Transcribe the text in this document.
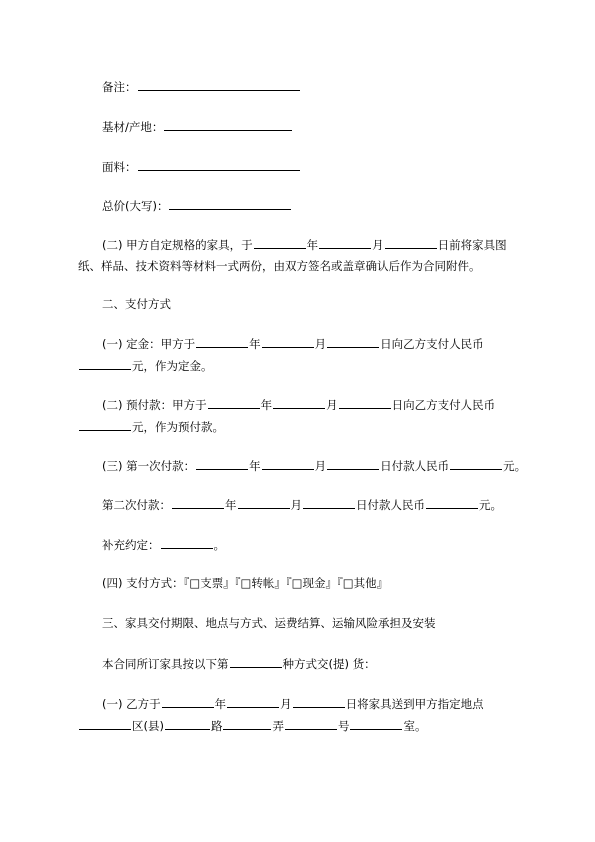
备注：
基材/产地：
面料：
总价(大写)：
(二) 甲方自定规格的家具，于	年	月	日前将家具图
纸、样品、技术资料等材料一式两份，由双方签名或盖章确认后作为合同附件。
二、支付方式
(一) 定金：甲方于	年	月	日向乙方支付人民币
元，作为定金。
(二) 预付款：甲方于	年	月	日向乙方支付人民币
元，作为预付款。
(三) 第一次付款：	年	月	日付款人民币	元。
第二次付款：	年	月	日付款人民币	元。
补充约定：	。
(四) 支付方式：『□支票』『□转帐』『□现金』『□其他』
三、家具交付期限、地点与方式、运费结算、运输风险承担及安装
本合同所订家具按以下第	种方式交(提) 货：
(一) 乙方于	年	月	日将家具送到甲方指定地点
区(县)	路	弄	号	室。
